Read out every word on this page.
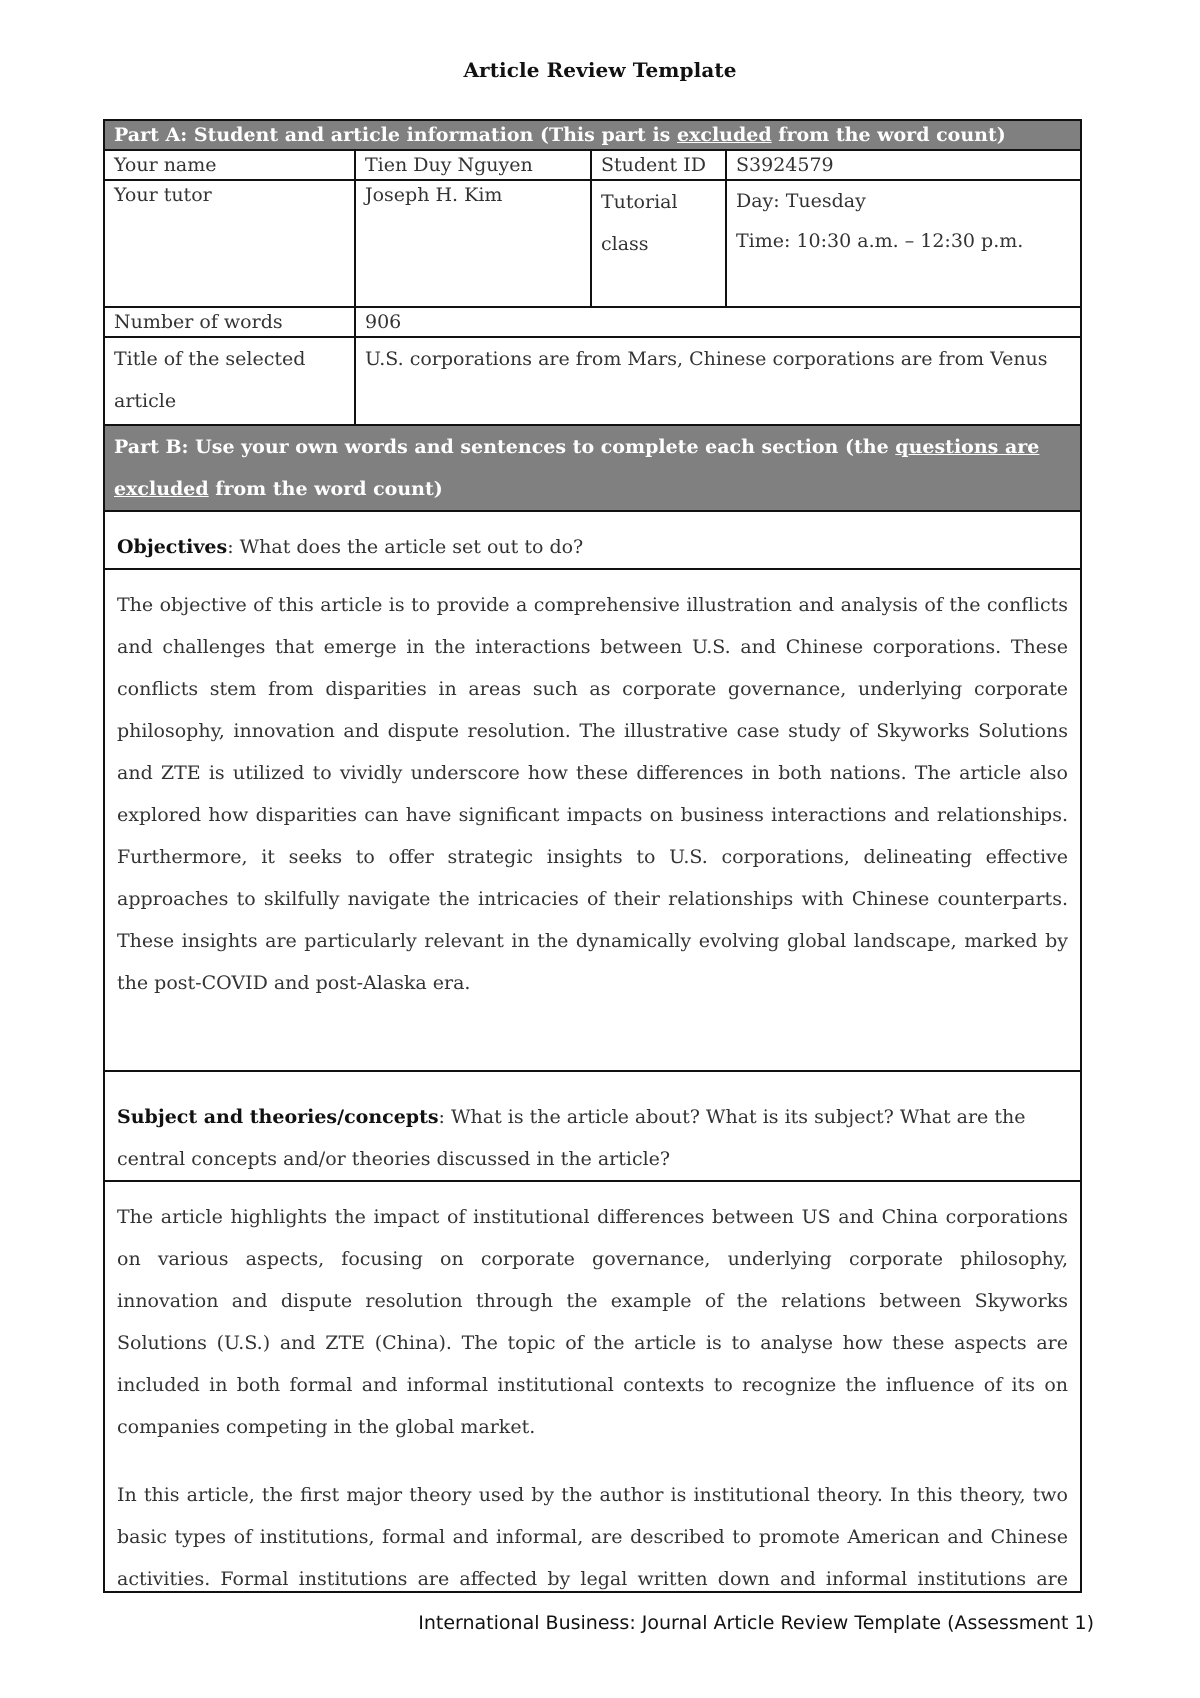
Article Review Template
Part A: Student and article information (This part is excluded from the word count)
Your name	Tien Duy Nguyen	Student ID	S3924579
Your tutor	Joseph H. Kim	Tutorial class	Day: Tuesday
Time: 10:30 a.m. – 12:30 p.m.

Number of words	906		
Title of the selected article	U.S. corporations are from Mars, Chinese corporations are from Venus		
Part B: Use your own words and sentences to complete each section (the questions are excluded from the word count)
Objectives: What does the article set out to do?

The objective of this article is to provide a comprehensive illustration and analysis of the conflicts and challenges that emerge in the interactions between U.S. and Chinese corporations. These conflicts stem from disparities in areas such as corporate governance, underlying corporate philosophy, innovation and dispute resolution. The illustrative case study of Skyworks Solutions and ZTE is utilized to vividly underscore how these differences in both nations. The article also explored how disparities can have significant impacts on business interactions and relationships. Furthermore, it seeks to offer strategic insights to U.S. corporations, delineating effective approaches to skilfully navigate the intricacies of their relationships with Chinese counterparts. These insights are particularly relevant in the dynamically evolving global landscape, marked by the post-COVID and post-Alaska era.

Subject and theories/concepts: What is the article about? What is its subject? What are the central concepts and/or theories discussed in the article?

The article highlights the impact of institutional differences between US and China corporations on various aspects, focusing on corporate governance, underlying corporate philosophy, innovation and dispute resolution through the example of the relations between Skyworks Solutions (U.S.) and ZTE (China). The topic of the article is to analyse how these aspects are included in both formal and informal institutional contexts to recognize the influence of its on companies competing in the global market.

In this article, the first major theory used by the author is institutional theory. In this theory, two basic types of institutions, formal and informal, are described to promote American and Chinese activities. Formal institutions are affected by legal written down and informal institutions are

International Business: Journal Article Review Template (Assessment 1)
